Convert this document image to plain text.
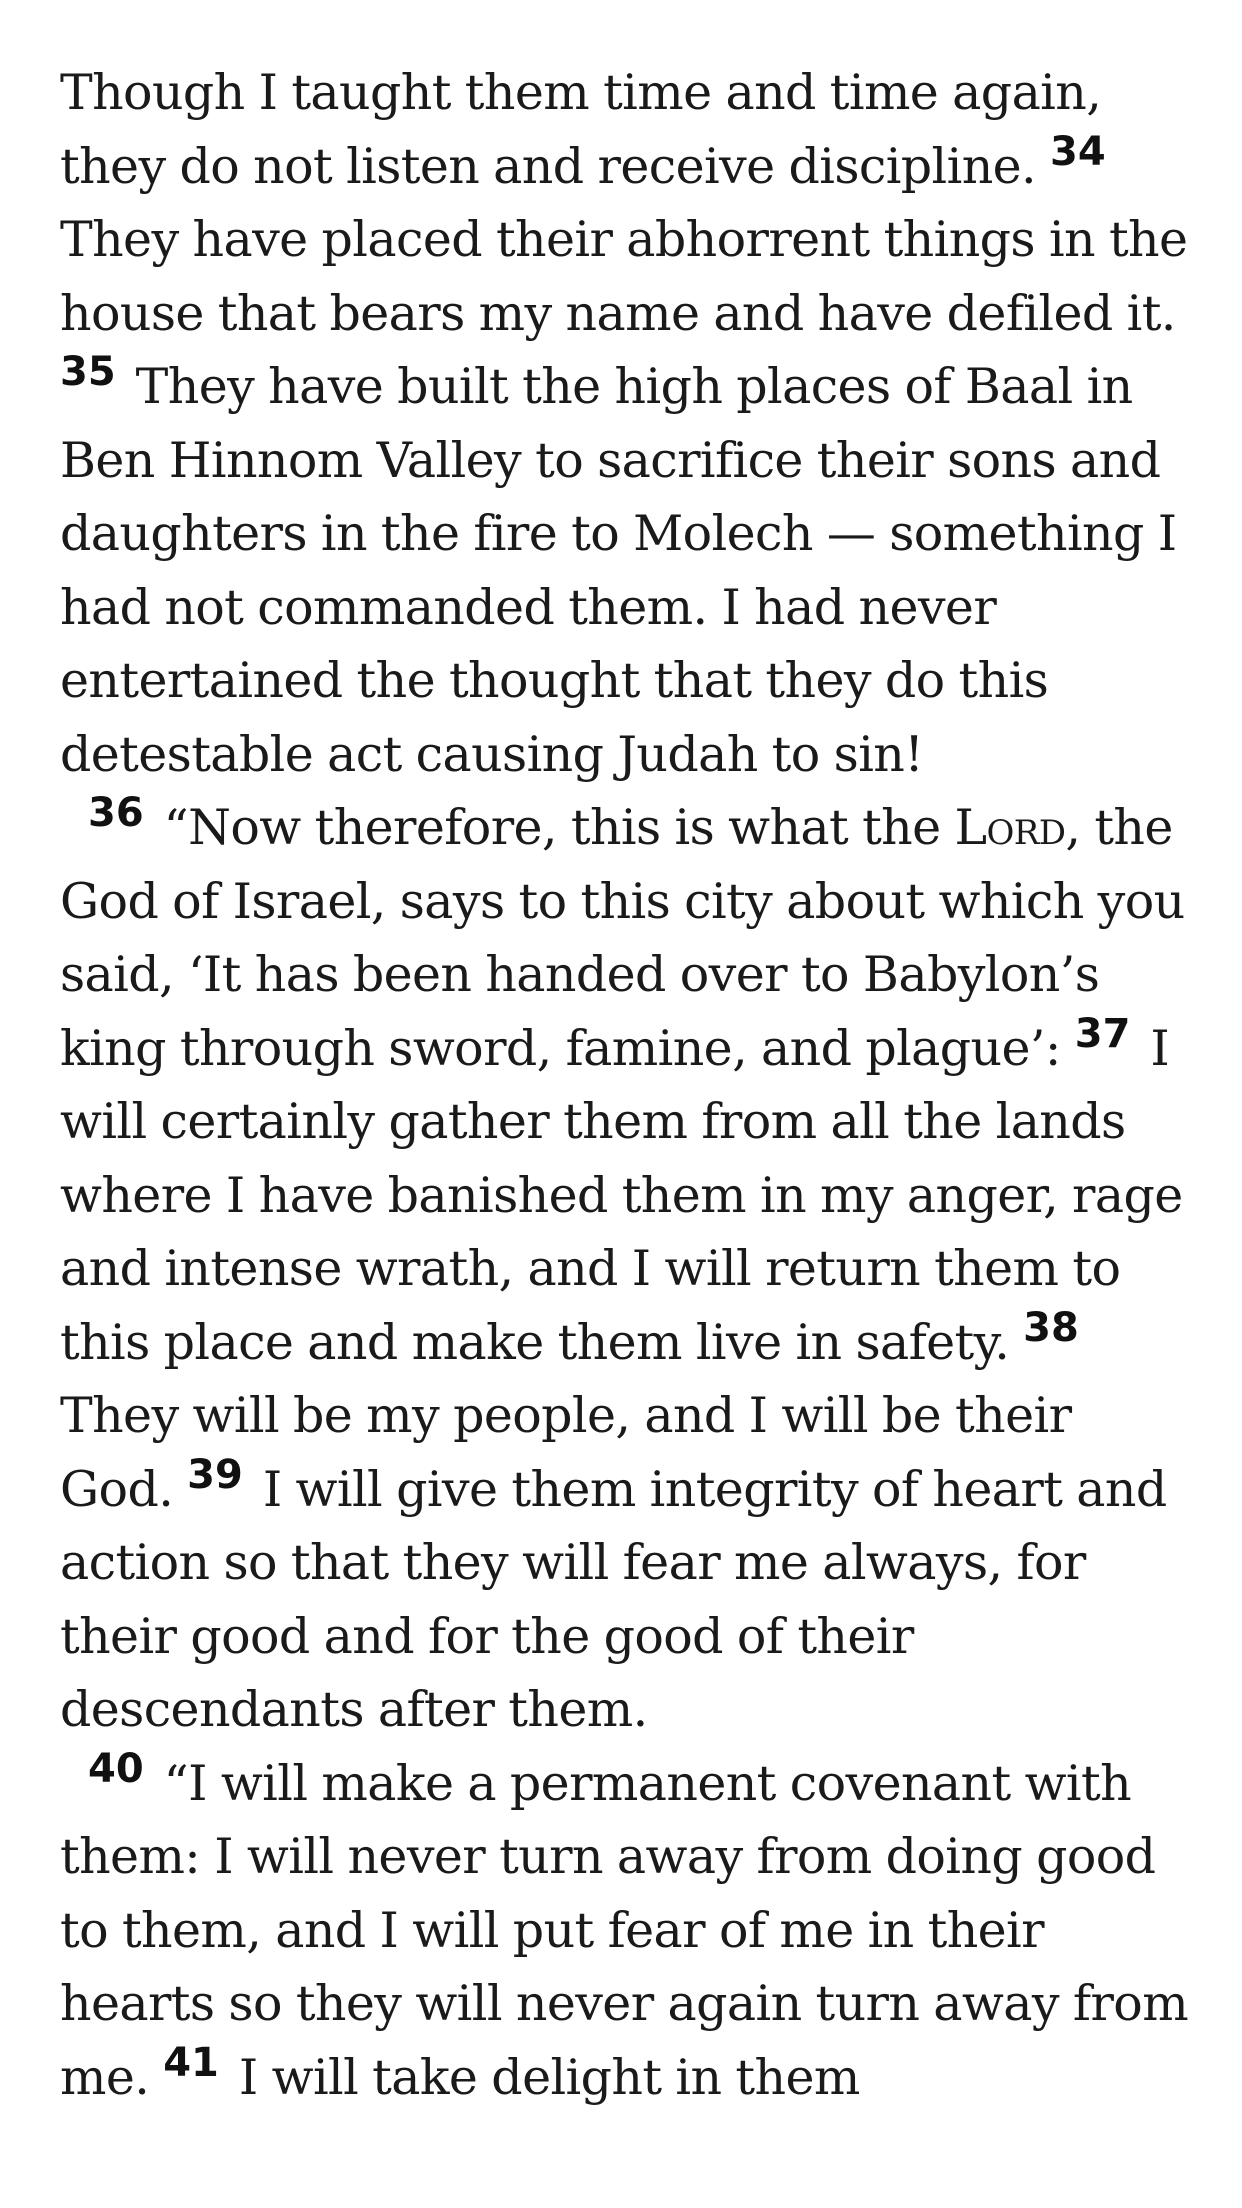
Though I taught them time and time again, they do not listen and receive discipline. $^{34}$ They have placed their abhorrent things in the house that bears my name and have defiled it. $^{35}$ They have built the high places of Baal in Ben Hinnom Valley to sacrifice their sons and daughters in the fire to Molech — something I had not commanded them. I had never entertained the thought that they do this detestable act causing Judah to sin!

$^{36}$ “Now therefore, this is what the Lord, the God of Israel, says to this city about which you said, ‘It has been handed over to Babylon’s king through sword, famine, and plague’: $^{37}$ I will certainly gather them from all the lands where I have banished them in my anger, rage and intense wrath, and I will return them to this place and make them live in safety. $^{38}$ They will be my people, and I will be their God. $^{39}$ I will give them integrity of heart and action so that they will fear me always, for their good and for the good of their descendants after them.

$^{40}$ “I will make a permanent covenant with them: I will never turn away from doing good to them, and I will put fear of me in their hearts so they will never again turn away from me. $^{41}$ I will take delight in them
